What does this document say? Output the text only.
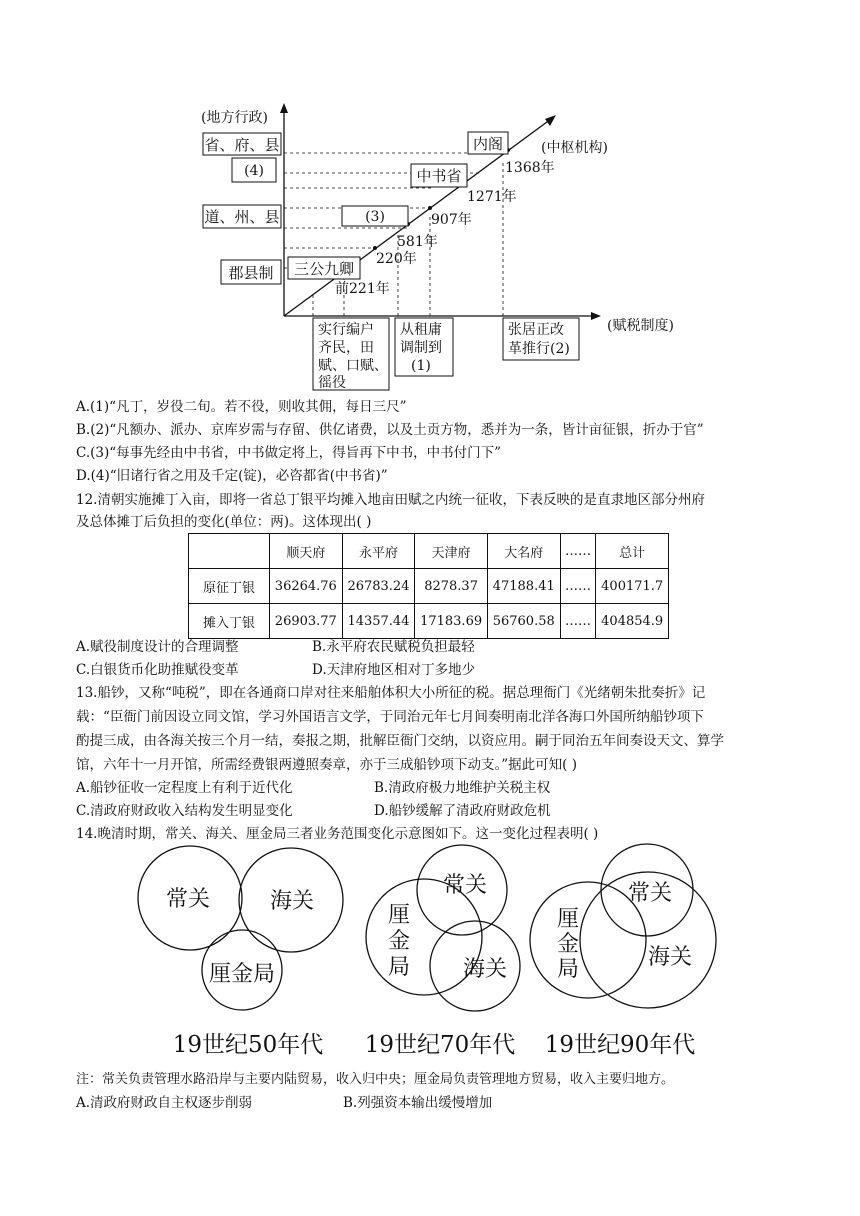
(地方行政)
(赋税制度)
(中枢机构)
省、府、县
(4)
道、州、县
郡县制
内阁
中书省
(3)
三公九卿
1368年
1271年
907年
581年
220年
前221年
实行编户
齐民，田
赋、口赋、
徭役
从租庸
调制到
(1)
张居正改
革推行(2)
A.(1)“凡丁，岁役二旬。若不役，则收其佣，每日三尺”
B.(2)“凡额办、派办、京库岁需与存留、供亿诸费，以及土贡方物，悉并为一条，皆计亩征银，折办于官”
C.(3)“每事先经由中书省，中书做定将上，得旨再下中书，中书付门下”
D.(4)“旧诸行省之用及千定(锭)，必咨都省(中书省)”
12.清朝实施摊丁入亩，即将一省总丁银平均摊入地亩田赋之内统一征收，下表反映的是直隶地区部分州府
及总体摊丁后负担的变化(单位：两)。这体现出( )
	顺天府	永平府	天津府	大名府	……	总计
原征丁银	36264.76	26783.24	8278.37	47188.41	……	400171.7
摊入丁银	26903.77	14357.44	17183.69	56760.58	……	404854.9
A.赋役制度设计的合理调整	B.永平府农民赋税负担最轻
C.白银货币化助推赋役变革	D.天津府地区相对丁多地少
13.船钞，又称“吨税”，即在各通商口岸对往来船舶体积大小所征的税。据总理衙门《光绪朝朱批奏折》记
载：“臣衙门前因设立同文馆，学习外国语言文学，于同治元年七月间奏明南北洋各海口外国所纳船钞项下
酌提三成，由各海关按三个月一结，奏报之期，批解臣衙门交纳，以资应用。嗣于同治五年间奏设天文、算学
馆，六年十一月开馆，所需经费银两遵照奏章，亦于三成船钞项下动支。”据此可知( )
A.船钞征收一定程度上有利于近代化	B.清政府极力地维护关税主权
C.清政府财政收入结构发生明显变化	D.船钞缓解了清政府财政危机
14.晚清时期，常关、海关、厘金局三者业务范围变化示意图如下。这一变化过程表明( )
常关	海关
厘金局
常关
厘
金
局 海关
常关
厘
金
局	海关
19世纪50年代 19世纪70年代 19世纪90年代
注：常关负责管理水路沿岸与主要内陆贸易，收入归中央；厘金局负责管理地方贸易，收入主要归地方。
A.清政府财政自主权逐步削弱	B.列强资本输出缓慢增加
